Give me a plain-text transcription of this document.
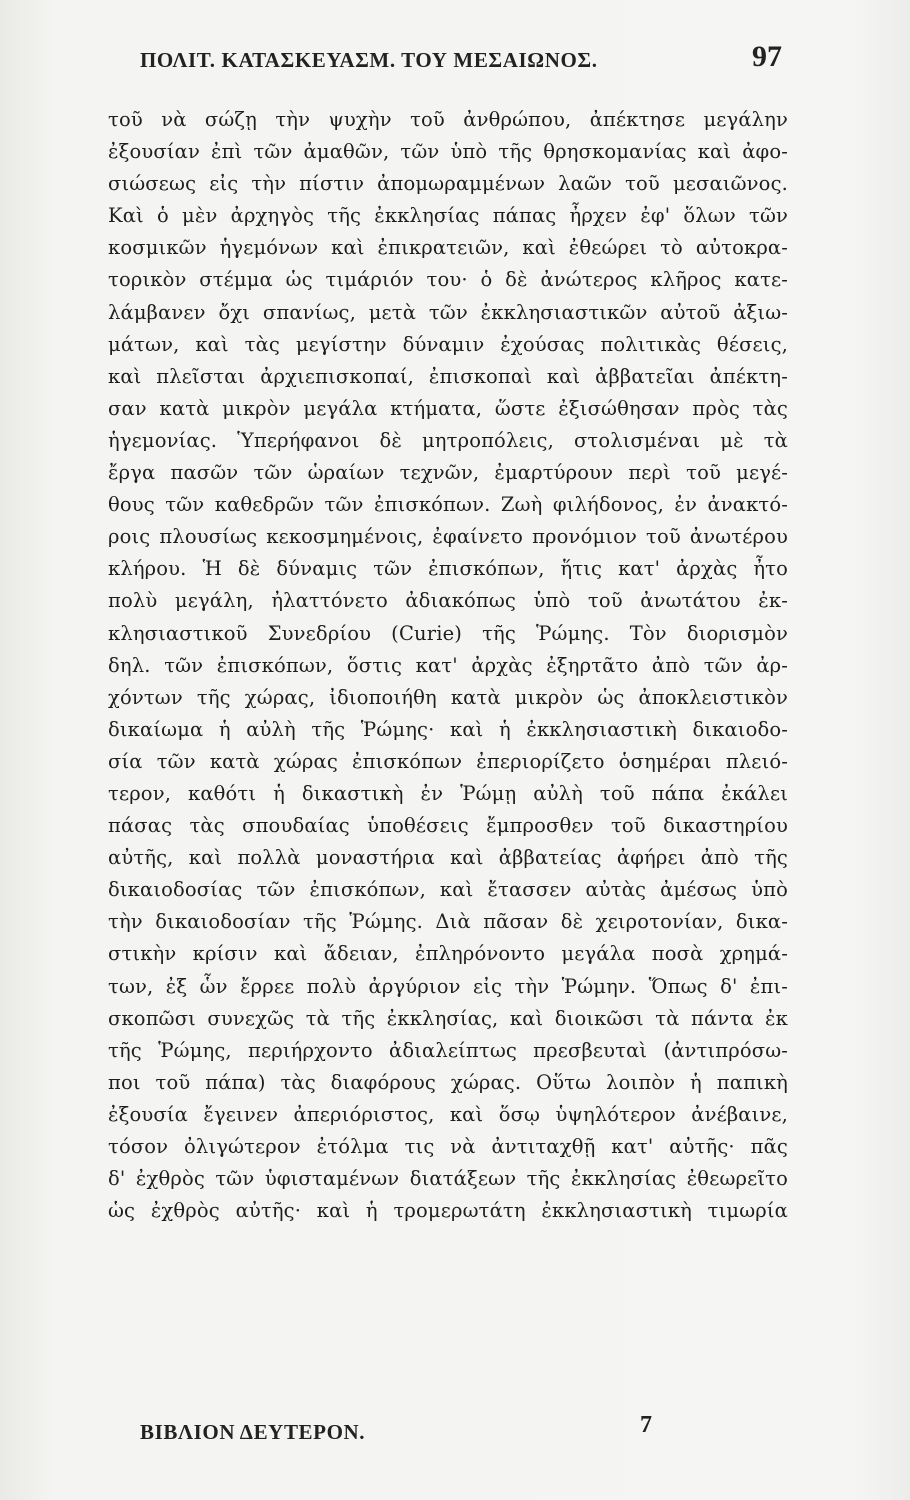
ΠΟΛΙΤ. ΚΑΤΑΣΚΕΥΑΣΜ. ΤΟΥ ΜΕΣΑΙΩΝΟΣ.	97
τοῦ νὰ σώζῃ τὴν ψυχὴν τοῦ ἀνθρώπου, ἀπέκτησε μεγάλην
ἐξουσίαν ἐπὶ τῶν ἀμαθῶν, τῶν ὑπὸ τῆς θρησκομανίας καὶ ἀφο-
σιώσεως εἰς τὴν πίστιν ἀπομωραμμένων λαῶν τοῦ μεσαιῶνος.
Καὶ ὁ μὲν ἀρχηγὸς τῆς ἐκκλησίας πάπας ἦρχεν ἐφ' ὅλων τῶν
κοσμικῶν ἡγεμόνων καὶ ἐπικρατειῶν, καὶ ἐθεώρει τὸ αὐτοκρα-
τορικὸν στέμμα ὡς τιμάριόν του· ὁ δὲ ἀνώτερος κλῆρος κατε-
λάμβανεν ὄχι σπανίως, μετὰ τῶν ἐκκλησιαστικῶν αὐτοῦ ἀξιω-
μάτων, καὶ τὰς μεγίστην δύναμιν ἐχούσας πολιτικὰς θέσεις,
καὶ πλεῖσται ἀρχιεπισκοπαί, ἐπισκοπαὶ καὶ ἀββατεῖαι ἀπέκτη-
σαν κατὰ μικρὸν μεγάλα κτήματα, ὥστε ἐξισώθησαν πρὸς τὰς
ἡγεμονίας. Ὑπερήφανοι δὲ μητροπόλεις, στολισμέναι μὲ τὰ
ἔργα πασῶν τῶν ὡραίων τεχνῶν, ἐμαρτύρουν περὶ τοῦ μεγέ-
θους τῶν καθεδρῶν τῶν ἐπισκόπων. Ζωὴ φιλήδονος, ἐν ἀνακτό-
ροις πλουσίως κεκοσμημένοις, ἐφαίνετο προνόμιον τοῦ ἀνωτέρου
κλήρου. Ἡ δὲ δύναμις τῶν ἐπισκόπων, ἥτις κατ' ἀρχὰς ἦτο
πολὺ μεγάλη, ἠλαττόνετο ἀδιακόπως ὑπὸ τοῦ ἀνωτάτου ἐκ-
κλησιαστικοῦ Συνεδρίου (Curie) τῆς Ῥώμης. Τὸν διορισμὸν
δηλ. τῶν ἐπισκόπων, ὅστις κατ' ἀρχὰς ἐξηρτᾶτο ἀπὸ τῶν ἀρ-
χόντων τῆς χώρας, ἰδιοποιήθη κατὰ μικρὸν ὡς ἀποκλειστικὸν
δικαίωμα ἡ αὐλὴ τῆς Ῥώμης· καὶ ἡ ἐκκλησιαστικὴ δικαιοδο-
σία τῶν κατὰ χώρας ἐπισκόπων ἐπεριορίζετο ὁσημέραι πλειό-
τερον, καθότι ἡ δικαστικὴ ἐν Ῥώμῃ αὐλὴ τοῦ πάπα ἐκάλει
πάσας τὰς σπουδαίας ὑποθέσεις ἔμπροσθεν τοῦ δικαστηρίου
αὐτῆς, καὶ πολλὰ μοναστήρια καὶ ἀββατείας ἀφήρει ἀπὸ τῆς
δικαιοδοσίας τῶν ἐπισκόπων, καὶ ἔτασσεν αὐτὰς ἀμέσως ὑπὸ
τὴν δικαιοδοσίαν τῆς Ῥώμης. Διὰ πᾶσαν δὲ χειροτονίαν, δικα-
στικὴν κρίσιν καὶ ἄδειαν, ἐπληρόνοντο μεγάλα ποσὰ χρημά-
των, ἐξ ὧν ἔρρεε πολὺ ἀργύριον εἰς τὴν Ῥώμην. Ὅπως δ' ἐπι-
σκοπῶσι συνεχῶς τὰ τῆς ἐκκλησίας, καὶ διοικῶσι τὰ πάντα ἐκ
τῆς Ῥώμης, περιήρχοντο ἀδιαλείπτως πρεσβευταὶ (ἀντιπρόσω-
ποι τοῦ πάπα) τὰς διαφόρους χώρας. Οὕτω λοιπὸν ἡ παπικὴ
ἐξουσία ἔγεινεν ἀπεριόριστος, καὶ ὅσῳ ὑψηλότερον ἀνέβαινε,
τόσον ὀλιγώτερον ἐτόλμα τις νὰ ἀντιταχθῇ κατ' αὐτῆς· πᾶς
δ' ἐχθρὸς τῶν ὑφισταμένων διατάξεων τῆς ἐκκλησίας ἐθεωρεῖτο
ὡς ἐχθρὸς αὐτῆς· καὶ ἡ τρομερωτάτη ἐκκλησιαστικὴ τιμωρία
ΒΙΒΛΙΟΝ ΔΕΥΤΕΡΟΝ.	7
